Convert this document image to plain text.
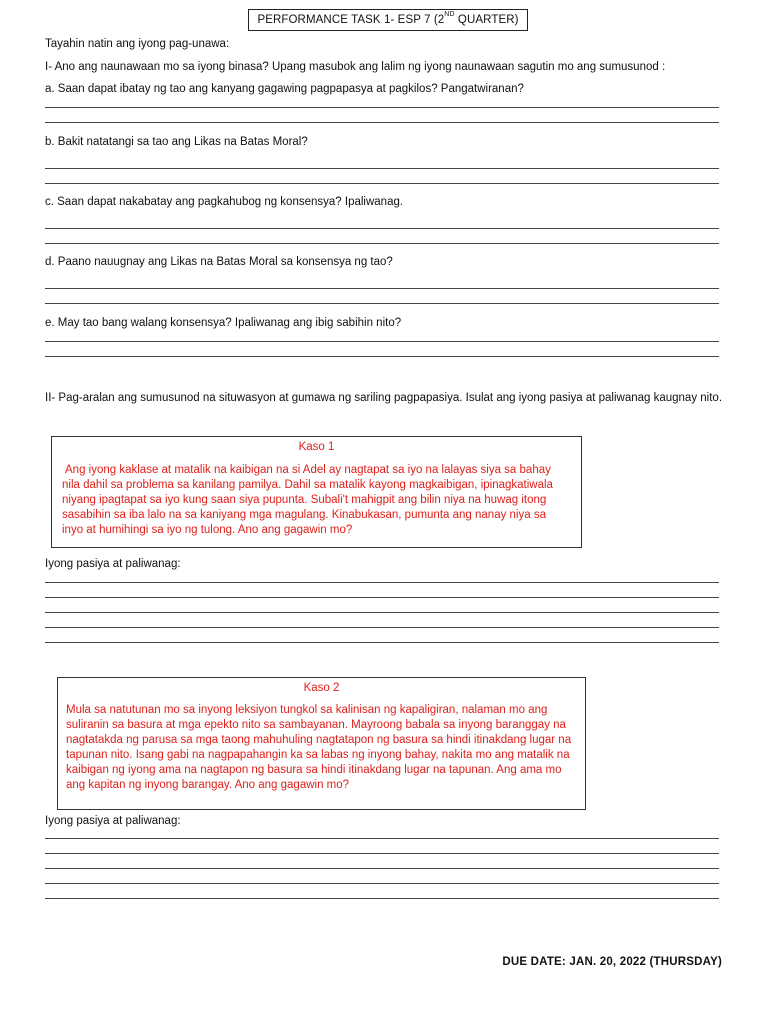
PERFORMANCE TASK 1- ESP 7 (2ND QUARTER)
Tayahin natin ang iyong pag-unawa:
I- Ano ang naunawaan mo sa iyong binasa? Upang masubok ang lalim ng iyong naunawaan sagutin mo ang sumusunod :
a. Saan dapat ibatay ng tao ang kanyang gagawing pagpapasya at pagkilos? Pangatwiranan?
b. Bakit natatangi sa tao ang Likas na Batas Moral?
c. Saan dapat nakabatay ang pagkahubog ng konsensya? Ipaliwanag.
d. Paano nauugnay ang Likas na Batas Moral sa konsensya ng tao?
e. May tao bang walang konsensya? Ipaliwanag ang ibig sabihin nito?
II- Pag-aralan ang sumusunod na situwasyon at gumawa ng sariling pagpapasiya. Isulat ang iyong pasiya at paliwanag kaugnay nito.
Kaso 1
Ang iyong kaklase at matalik na kaibigan na si Adel ay nagtapat sa iyo na lalayas siya sa bahay nila dahil sa problema sa kanilang pamilya. Dahil sa matalik kayong magkaibigan, ipinagkatiwala niyang ipagtapat sa iyo kung saan siya pupunta. Subali't mahigpit ang bilin niya na huwag itong sasabihin sa iba lalo na sa kaniyang mga magulang. Kinabukasan, pumunta ang nanay niya sa inyo at humihingi sa iyo ng tulong. Ano ang gagawin mo?
Iyong pasiya at paliwanag:
Kaso 2
Mula sa natutunan mo sa inyong leksiyon tungkol sa kalinisan ng kapaligiran, nalaman mo ang suliranin sa basura at mga epekto nito sa sambayanan. Mayroong babala sa inyong baranggay na nagtatakda ng parusa sa mga taong mahuhuling nagtatapon ng basura sa hindi itinakdang lugar na tapunan nito. Isang gabi na nagpapahangin ka sa labas ng inyong bahay, nakita mo ang matalik na kaibigan ng iyong ama na nagtapon ng basura sa hindi itinakdang lugar na tapunan. Ang ama mo ang kapitan ng inyong barangay. Ano ang gagawin mo?
Iyong pasiya at paliwanag:
DUE DATE: JAN. 20, 2022 (THURSDAY)
